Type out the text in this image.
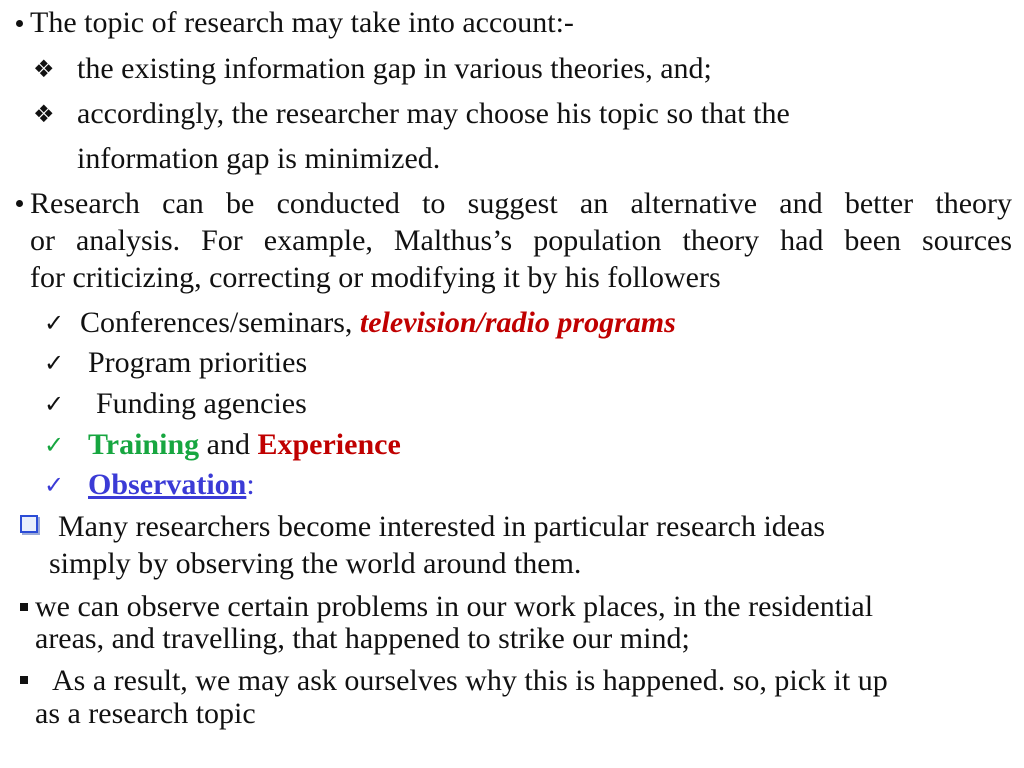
The topic of research may take into account:-
❖ the existing information gap in various theories, and;
❖ accordingly, the researcher may choose his topic so that the
information gap is minimized.
Research can be conducted to suggest an alternative and better theory
or analysis. For example, Malthus’s population theory had been sources
for criticizing, correcting or modifying it by his followers
✓ Conferences/seminars, television/radio programs
✓ Program priorities
✓ Funding agencies
✓ Training and Experience
✓ Observation:
Many researchers become interested in particular research ideas
simply by observing the world around them.
we can observe certain problems in our work places, in the residential
areas, and travelling, that happened to strike our mind;
As a result, we may ask ourselves why this is happened. so, pick it up
as a research topic
